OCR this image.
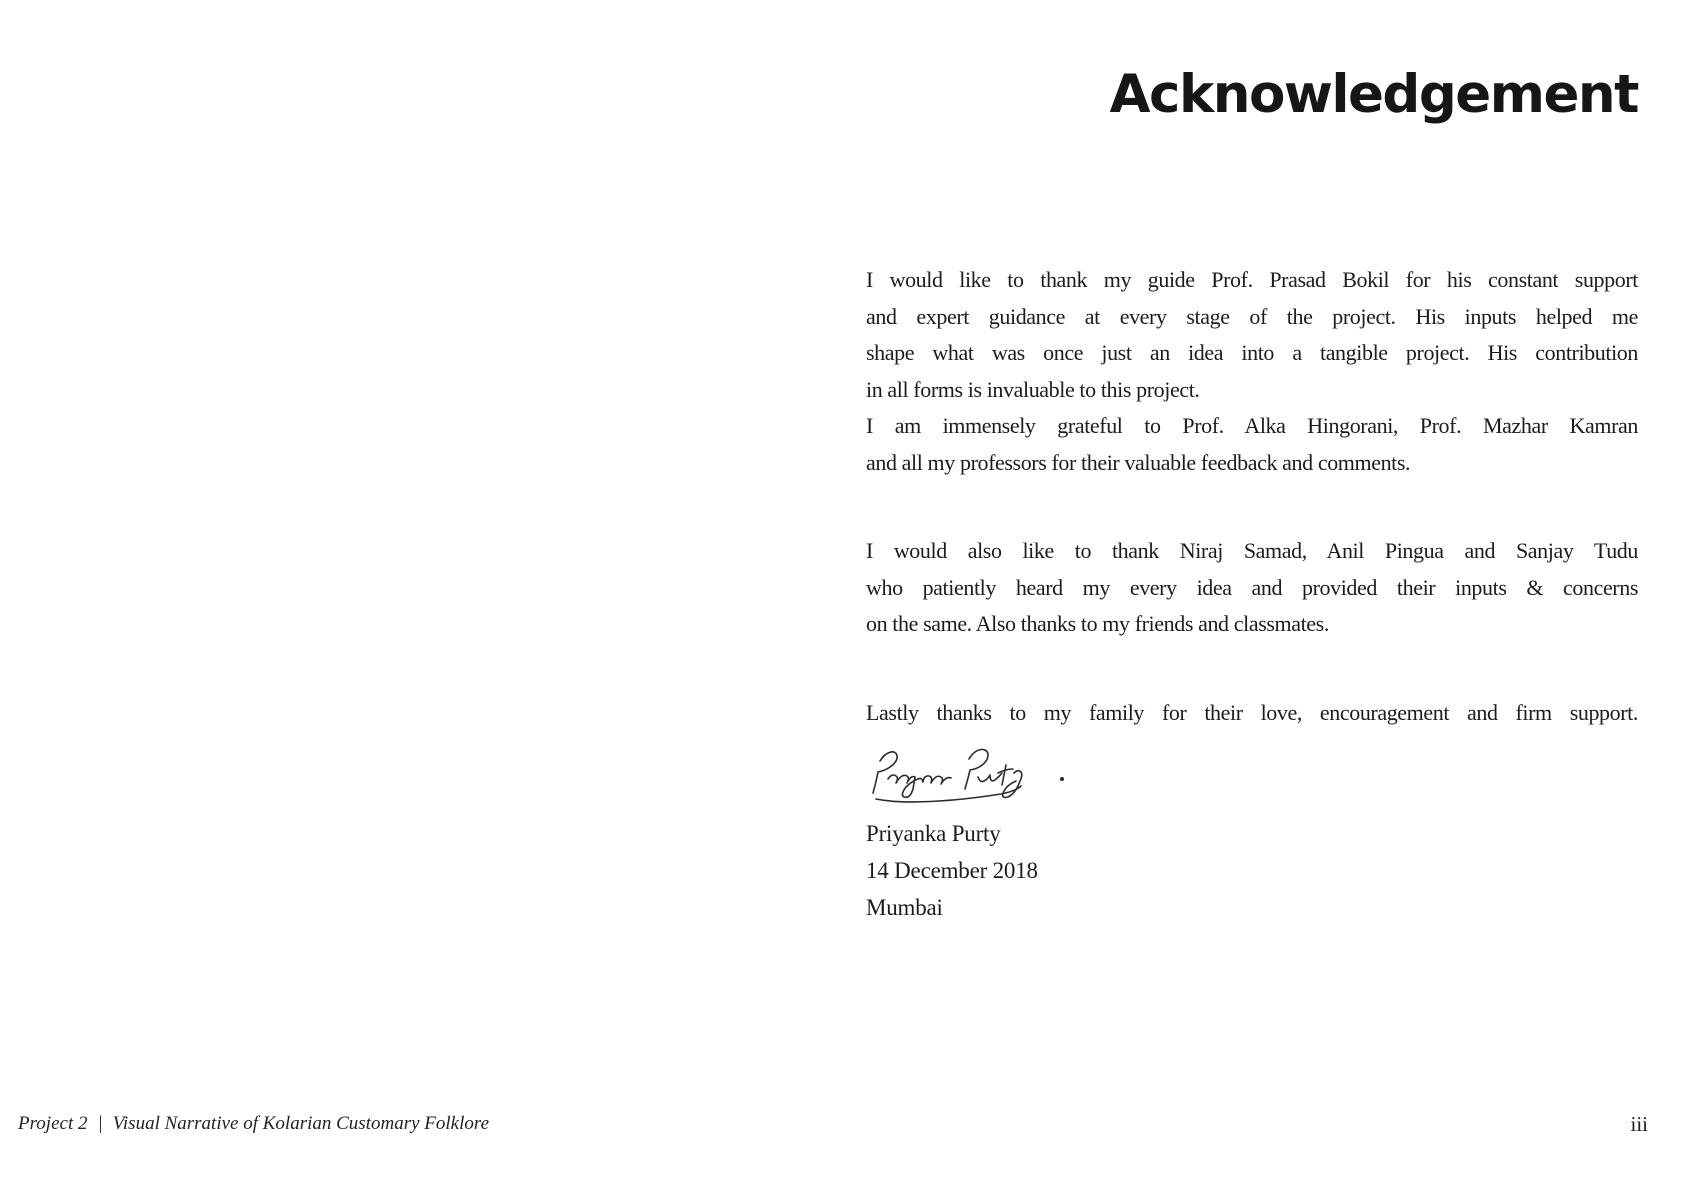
Acknowledgement
I would like to thank my guide Prof. Prasad Bokil for his constant support
and expert guidance at every stage of the project. His inputs helped me
shape what was once just an idea into a tangible project. His contribution
in all forms is invaluable to this project.
I am immensely grateful to Prof. Alka Hingorani, Prof. Mazhar Kamran
and all my professors for their valuable feedback and comments.
I would also like to thank Niraj Samad, Anil Pingua and Sanjay Tudu
who patiently heard my every idea and provided their inputs & concerns
on the same. Also thanks to my friends and classmates.
Lastly thanks to my family for their love, encouragement and firm support.
Priyanka Purty
14 December 2018
Mumbai
Project 2 | Visual Narrative of Kolarian Customary Folklore	iii
